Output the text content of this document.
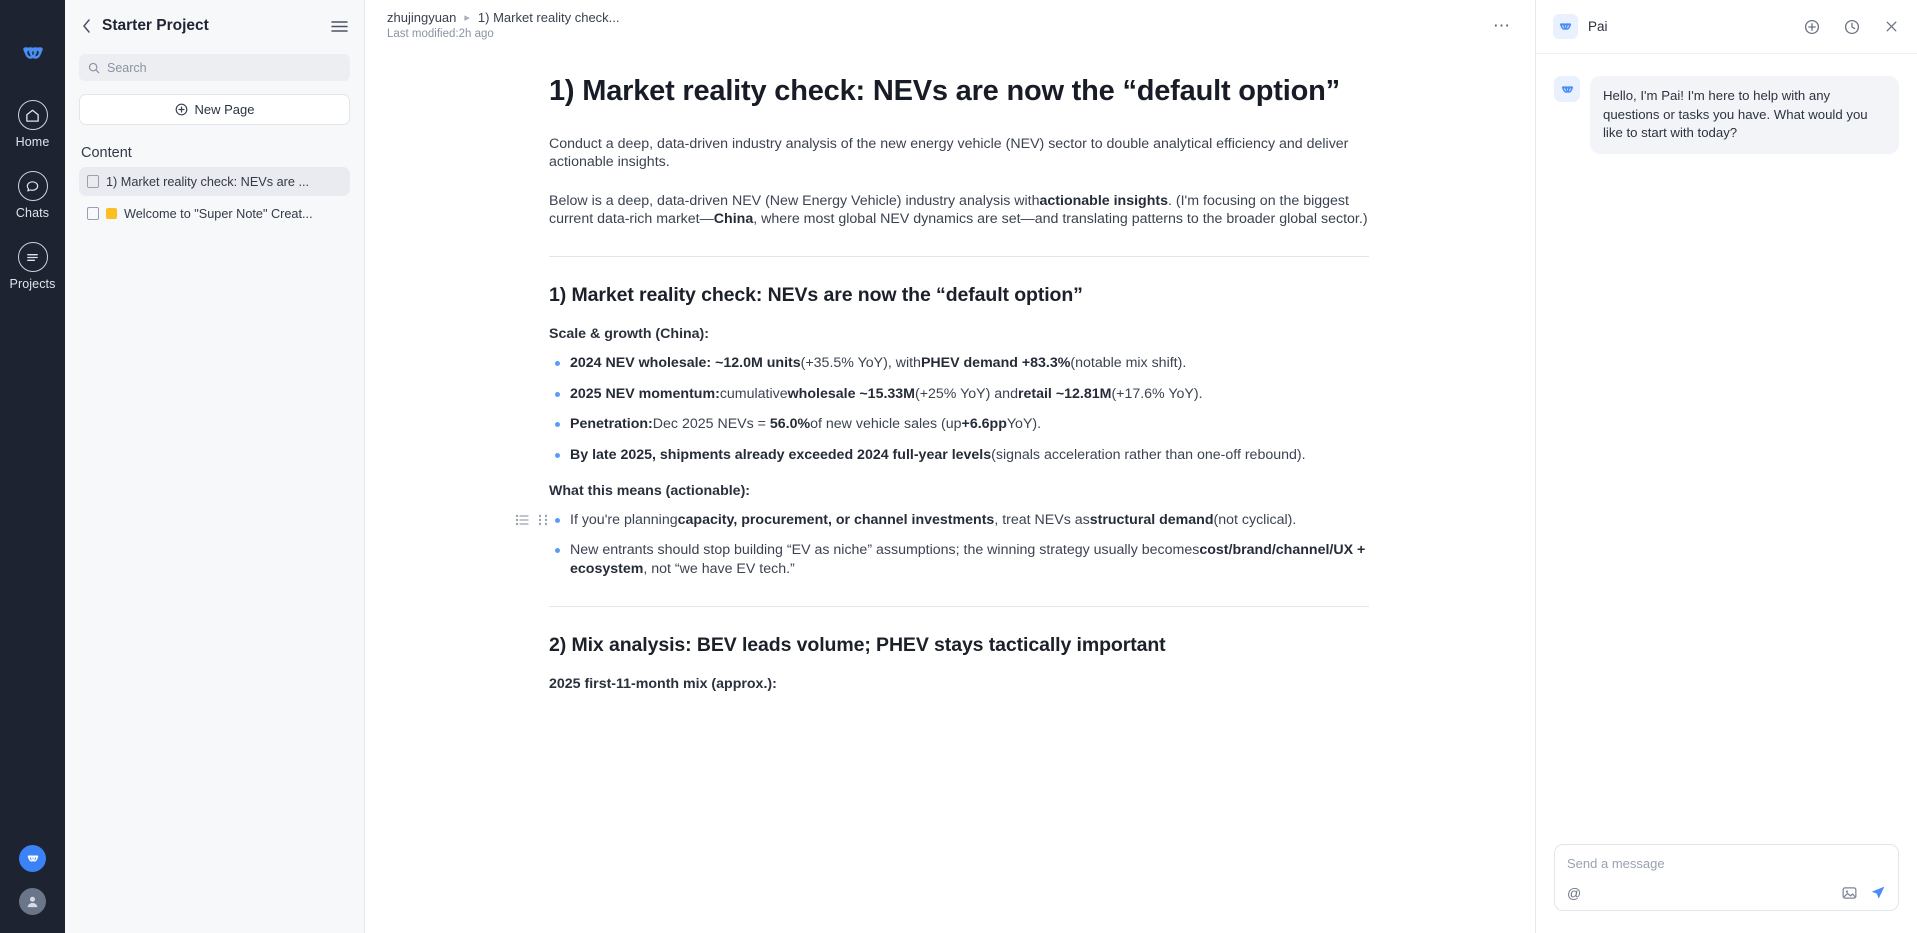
Home
Chats
Projects
Starter Project
Search
New Page
Content
1) Market reality check: NEVs are ...
Welcome to "Super Note" Creat...
zhujingyuan ▸ 1) Market reality check...
Last modified:2h ago	⋯
1) Market reality check: NEVs are now the “default option”

Conduct a deep, data-driven industry analysis of the new energy vehicle (NEV) sector to double analytical efficiency and deliver actionable insights.

Below is a deep, data-driven NEV (New Energy Vehicle) industry analysis withactionable insights. (I'm focusing on the biggest current data-rich market—China, where most global NEV dynamics are set—and translating patterns to the broader global sector.)

1) Market reality check: NEVs are now the “default option”
Scale & growth (China):
2024 NEV wholesale: ~12.0M units(+35.5% YoY), withPHEV demand +83.3%(notable mix shift).
2025 NEV momentum:cumulativewholesale ~15.33M(+25% YoY) andretail ~12.81M(+17.6% YoY).
Penetration:Dec 2025 NEVs = 56.0%of new vehicle sales (up+6.6ppYoY).
By late 2025, shipments already exceeded 2024 full-year levels(signals acceleration rather than one-off rebound).
What this means (actionable):
If you're planningcapacity, procurement, or channel investments, treat NEVs asstructural demand(not cyclical).
New entrants should stop building “EV as niche” assumptions; the winning strategy usually becomescost/brand/channel/UX + ecosystem, not “we have EV tech.”
2) Mix analysis: BEV leads volume; PHEV stays tactically important
2025 first-11-month mix (approx.):
Pai
Hello, I'm Pai! I'm here to help with any questions or tasks you have. What would you like to start with today?
Send a message
@
